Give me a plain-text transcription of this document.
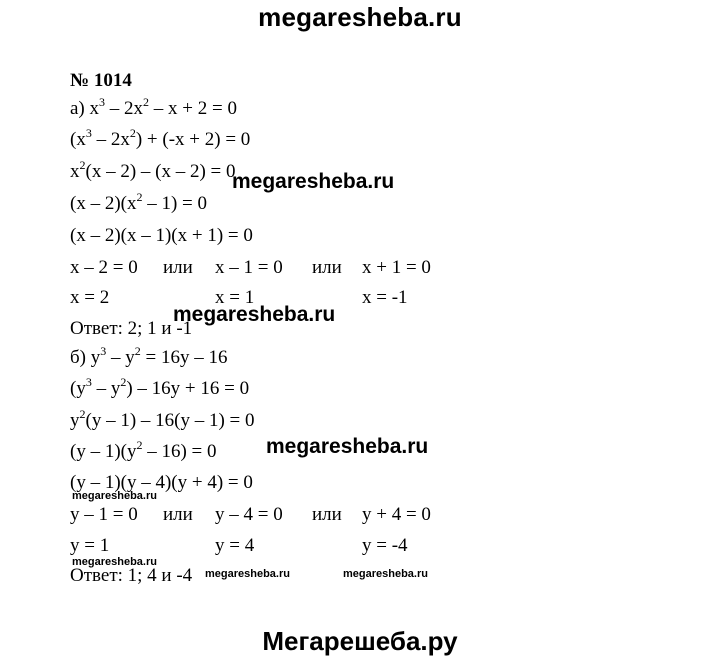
megaresheba.ru
№ 1014
а) $x^3 - 2x^2 - x + 2 = 0$
$(x^3 - 2x^2) + (-x + 2) = 0$
$x^2(x - 2) - (x - 2) = 0$
$(x - 2)(x^2 - 1) = 0$
(x – 2)(x – 1)(x + 1) = 0
x – 2 = 0 или x – 1 = 0 или x + 1 = 0
x = 2	x = 1	x = -1
Ответ: 2; 1 и -1
б) $y^3 - y^2 = 16y - 16$
$(y^3 - y^2) - 16y + 16 = 0$
$y^2(y - 1) - 16(y - 1) = 0$
$(y - 1)(y^2 - 16) = 0$
(y – 1)(y – 4)(y + 4) = 0
y – 1 = 0 или y – 4 = 0 или y + 4 = 0
y = 1	y = 4	y = -4
Ответ: 1; 4 и -4
megaresheba.ru
megaresheba.ru
megaresheba.ru
megaresheba.ru
megaresheba.ru
megaresheba.ru	megaresheba.ru
Мегарешеба.ру
